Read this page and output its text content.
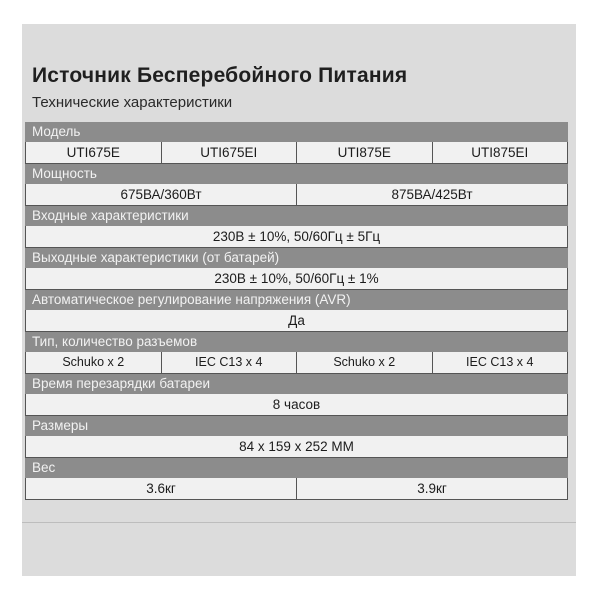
Источник Бесперебойного Питания
Технические характеристики
Модель
UTI675E	UTI675EI	UTI875E	UTI875EI
Мощность
675ВА/360Вт	875ВА/425Вт
Входные характеристики
230В ± 10%, 50/60Гц ± 5Гц
Выходные характеристики (от батарей)
230В ± 10%, 50/60Гц ± 1%
Автоматическое регулирование напряжения (AVR)
Да
Тип, количество разъемов
Schuko x 2	IEC C13 x 4	Schuko x 2	IEC C13 x 4
Время перезарядки батареи
8 часов
Размеры
84 x 159 x 252 ММ
Вес
3.6кг	3.9кг
